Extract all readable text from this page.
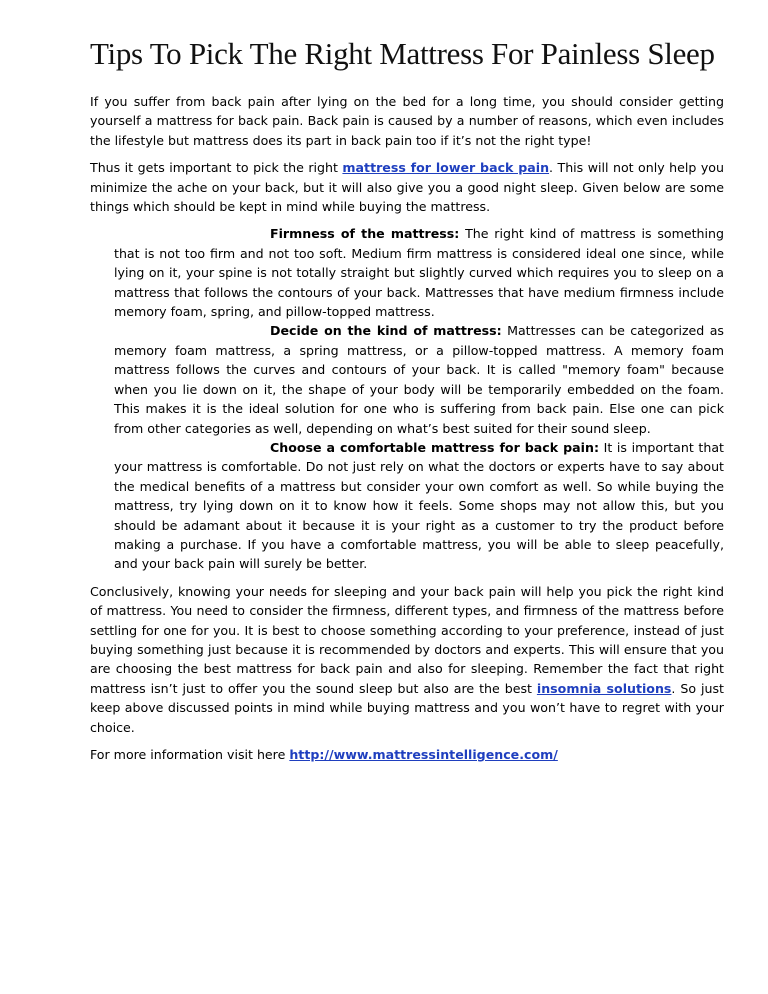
Tips To Pick The Right Mattress For Painless Sleep

If you suffer from back pain after lying on the bed for a long time, you should consider getting yourself a mattress for back pain. Back pain is caused by a number of reasons, which even includes the lifestyle but mattress does its part in back pain too if it’s not the right type!

Thus it gets important to pick the right mattress for lower back pain. This will not only help you minimize the ache on your back, but it will also give you a good night sleep. Given below are some things which should be kept in mind while buying the mattress.

Firmness of the mattress: The right kind of mattress is something that is not too firm and not too soft. Medium firm mattress is considered ideal one since, while lying on it, your spine is not totally straight but slightly curved which requires you to sleep on a mattress that follows the contours of your back. Mattresses that have medium firmness include memory foam, spring, and pillow-topped mattress.
Decide on the kind of mattress: Mattresses can be categorized as memory foam mattress, a spring mattress, or a pillow-topped mattress. A memory foam mattress follows the curves and contours of your back. It is called "memory foam" because when you lie down on it, the shape of your body will be temporarily embedded on the foam. This makes it is the ideal solution for one who is suffering from back pain. Else one can pick from other categories as well, depending on what’s best suited for their sound sleep.
Choose a comfortable mattress for back pain: It is important that your mattress is comfortable. Do not just rely on what the doctors or experts have to say about the medical benefits of a mattress but consider your own comfort as well. So while buying the mattress, try lying down on it to know how it feels. Some shops may not allow this, but you should be adamant about it because it is your right as a customer to try the product before making a purchase. If you have a comfortable mattress, you will be able to sleep peacefully, and your back pain will surely be better.

Conclusively, knowing your needs for sleeping and your back pain will help you pick the right kind of mattress. You need to consider the firmness, different types, and firmness of the mattress before settling for one for you. It is best to choose something according to your preference, instead of just buying something just because it is recommended by doctors and experts. This will ensure that you are choosing the best mattress for back pain and also for sleeping. Remember the fact that right mattress isn’t just to offer you the sound sleep but also are the best insomnia solutions. So just keep above discussed points in mind while buying mattress and you won’t have to regret with your choice.

For more information visit here http://www.mattressintelligence.com/
